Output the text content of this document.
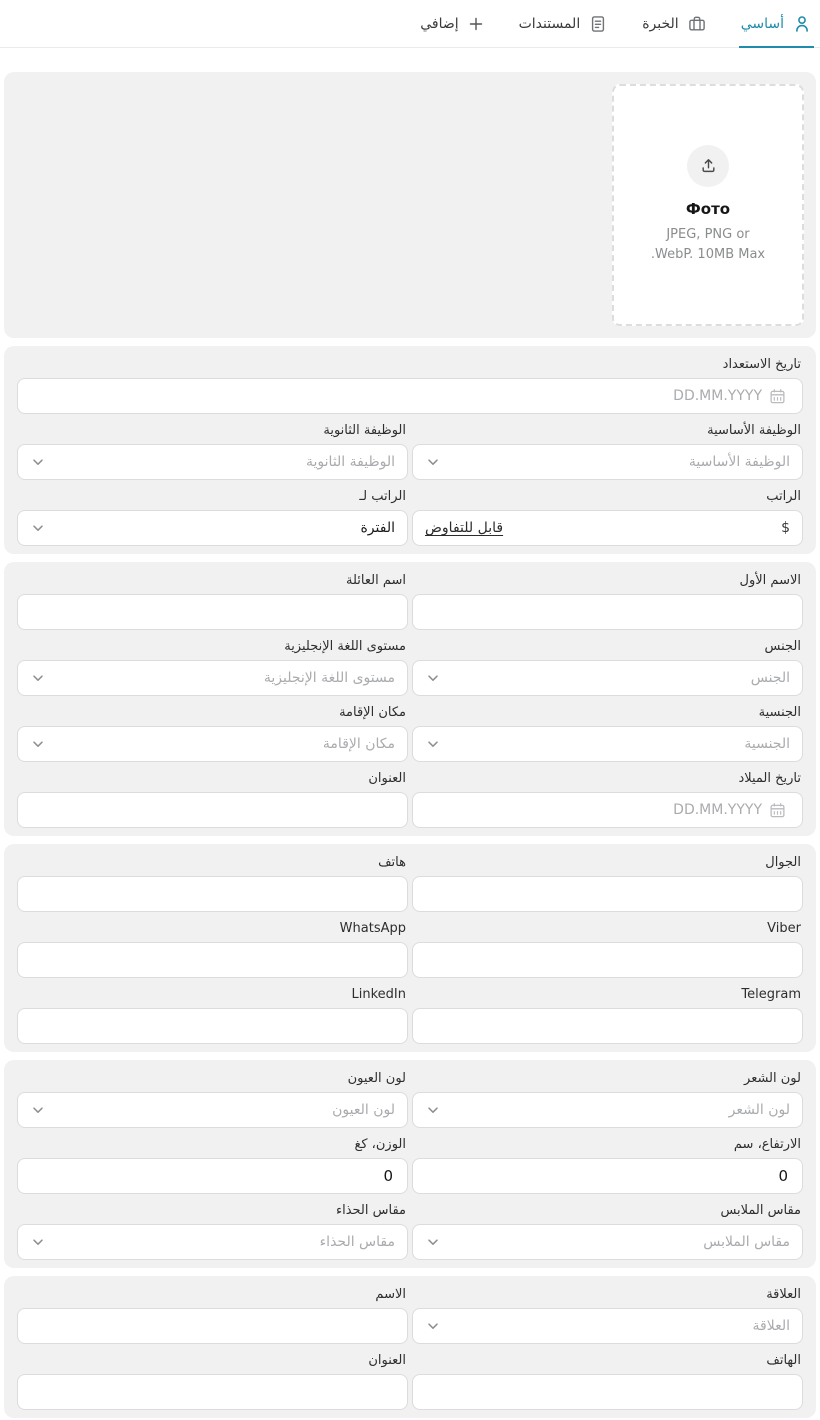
أساسي
الخبرة
المستندات
إضافي
Фото
JPEG, PNG or WebP. 10MB Max.
تاريخ الاستعداد
DD.MM.YYYY
الوظيفة الأساسية
الوظيفة الأساسية
الوظيفة الثانوية
الوظيفة الثانوية
الراتب
$
قابل للتفاوض
الراتب لـ
الفترة
الاسم الأول
اسم العائلة
الجنس
الجنس
مستوى اللغة الإنجليزية
مستوى اللغة الإنجليزية
الجنسية
الجنسية
مكان الإقامة
مكان الإقامة
تاريخ الميلاد
DD.MM.YYYY
العنوان
الجوال
هاتف
Viber
WhatsApp
Telegram
LinkedIn
لون الشعر
لون الشعر
لون العيون
لون العيون
الارتفاع، سم
0
الوزن، كغ
0
مقاس الملابس
مقاس الملابس
مقاس الحذاء
مقاس الحذاء
العلاقة
العلاقة
الاسم
الهاتف
العنوان
